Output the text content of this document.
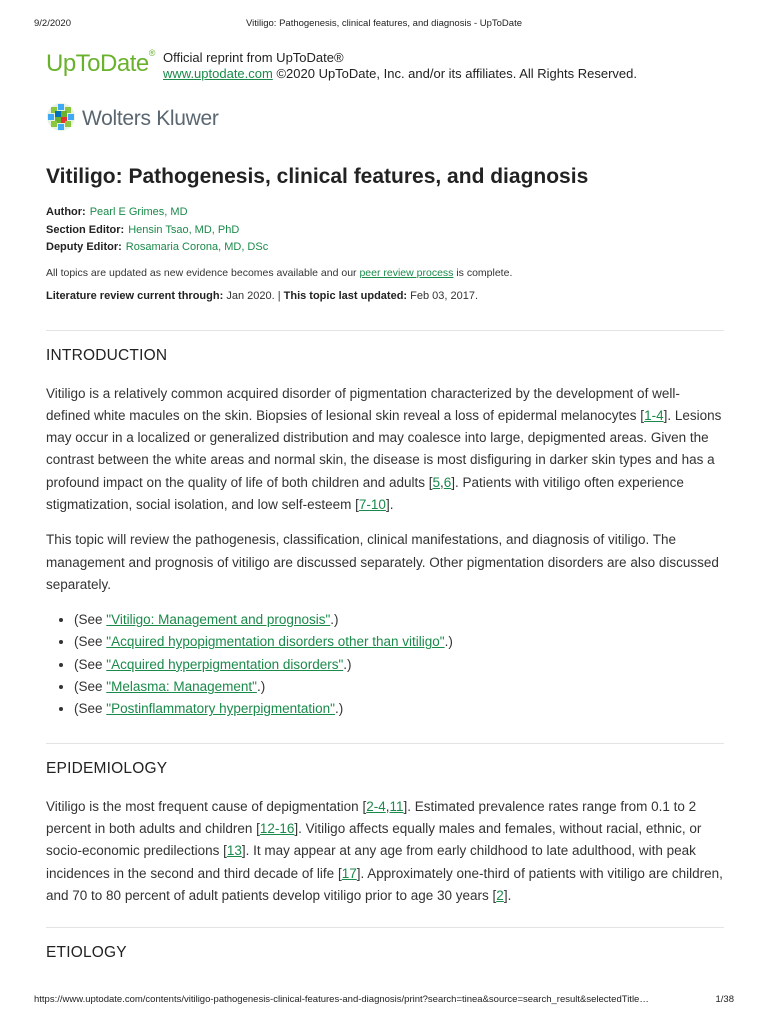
9/2/2020	Vitiligo: Pathogenesis, clinical features, and diagnosis - UpToDate
UpToDate® Official reprint from UpToDate®
www.uptodate.com ©2020 UpToDate, Inc. and/or its affiliates. All Rights Reserved.
Wolters Kluwer
Vitiligo: Pathogenesis, clinical features, and diagnosis
Author: Pearl E Grimes, MD
Section Editor: Hensin Tsao, MD, PhD
Deputy Editor: Rosamaria Corona, MD, DSc
All topics are updated as new evidence becomes available and our peer review process is complete.
Literature review current through: Jan 2020. | This topic last updated: Feb 03, 2017.
INTRODUCTION

Vitiligo is a relatively common acquired disorder of pigmentation characterized by the development of well-defined white macules on the skin. Biopsies of lesional skin reveal a loss of epidermal melanocytes [1-4]. Lesions may occur in a localized or generalized distribution and may coalesce into large, depigmented areas. Given the contrast between the white areas and normal skin, the disease is most disfiguring in darker skin types and has a profound impact on the quality of life of both children and adults [5,6]. Patients with vitiligo often experience stigmatization, social isolation, and low self-esteem [7-10].

This topic will review the pathogenesis, classification, clinical manifestations, and diagnosis of vitiligo. The management and prognosis of vitiligo are discussed separately. Other pigmentation disorders are also discussed separately.

• (See "Vitiligo: Management and prognosis".)
• (See "Acquired hypopigmentation disorders other than vitiligo".)
• (See "Acquired hyperpigmentation disorders".)
• (See "Melasma: Management".)
• (See "Postinflammatory hyperpigmentation".)
EPIDEMIOLOGY

Vitiligo is the most frequent cause of depigmentation [2-4,11]. Estimated prevalence rates range from 0.1 to 2 percent in both adults and children [12-16]. Vitiligo affects equally males and females, without racial, ethnic, or socio-economic predilections [13]. It may appear at any age from early childhood to late adulthood, with peak incidences in the second and third decade of life [17]. Approximately one-third of patients with vitiligo are children, and 70 to 80 percent of adult patients develop vitiligo prior to age 30 years [2].

ETIOLOGY
https://www.uptodate.com/contents/vitiligo-pathogenesis-clinical-features-and-diagnosis/print?search=tinea&source=search_result&selectedTitle…	1/38
